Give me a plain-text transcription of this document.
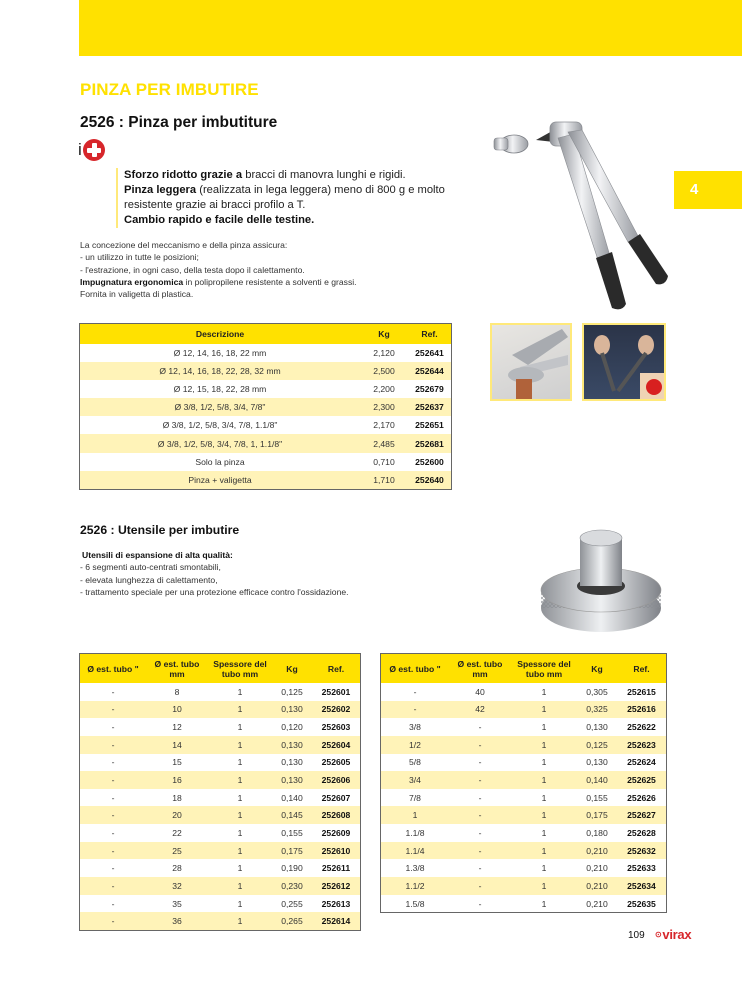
4
PINZA PER IMBUTIRE
2526 : Pinza per imbutiture
i
Sforzo ridotto grazie a bracci di manovra lunghi e rigidi.
Pinza leggera (realizzata in lega leggera) meno di 800 g e molto resistente grazie ai bracci profilo a T.
Cambio rapido e facile delle testine.
La concezione del meccanismo e della pinza assicura:
- un utilizzo in tutte le posizioni;
- l'estrazione, in ogni caso, della testa dopo il calettamento.
Impugnatura ergonomica in polipropilene resistente a solventi e grassi.
Fornita in valigetta di plastica.
Descrizione	Kg	Ref.
Ø 12, 14, 16, 18, 22 mm	2,120	252641
Ø 12, 14, 16, 18, 22, 28, 32 mm	2,500	252644
Ø 12, 15, 18, 22, 28 mm	2,200	252679
Ø 3/8, 1/2, 5/8, 3/4, 7/8"	2,300	252637
Ø 3/8, 1/2, 5/8, 3/4, 7/8, 1.1/8"	2,170	252651
Ø 3/8, 1/2, 5/8, 3/4, 7/8, 1, 1.1/8"	2,485	252681
Solo la pinza	0,710	252600
Pinza + valigetta	1,710	252640
2526 : Utensile per imbutire
Utensili di espansione di alta qualità:
- 6 segmenti auto-centrati smontabili,
- elevata lunghezza di calettamento,
- trattamento speciale per una protezione efficace contro l'ossidazione.
Ø est. tubo "	Ø est. tubo mm	Spessore del tubo mm	Kg	Ref.
-	8	1	0,125	252601
-	10	1	0,130	252602
-	12	1	0,120	252603
-	14	1	0,130	252604
-	15	1	0,130	252605
-	16	1	0,130	252606
-	18	1	0,140	252607
-	20	1	0,145	252608
-	22	1	0,155	252609
-	25	1	0,175	252610
-	28	1	0,190	252611
-	32	1	0,230	252612
-	35	1	0,255	252613
-	36	1	0,265	252614
Ø est. tubo "	Ø est. tubo mm	Spessore del tubo mm	Kg	Ref.
-	40	1	0,305	252615
-	42	1	0,325	252616
3/8	-	1	0,130	252622
1/2	-	1	0,125	252623
5/8	-	1	0,130	252624
3/4	-	1	0,140	252625
7/8	-	1	0,155	252626
1	-	1	0,175	252627
1.1/8	-	1	0,180	252628
1.1/4	-	1	0,210	252632
1.3/8	-	1	0,210	252633
1.1/2	-	1	0,210	252634
1.5/8	-	1	0,210	252635
109 ⊙virax
